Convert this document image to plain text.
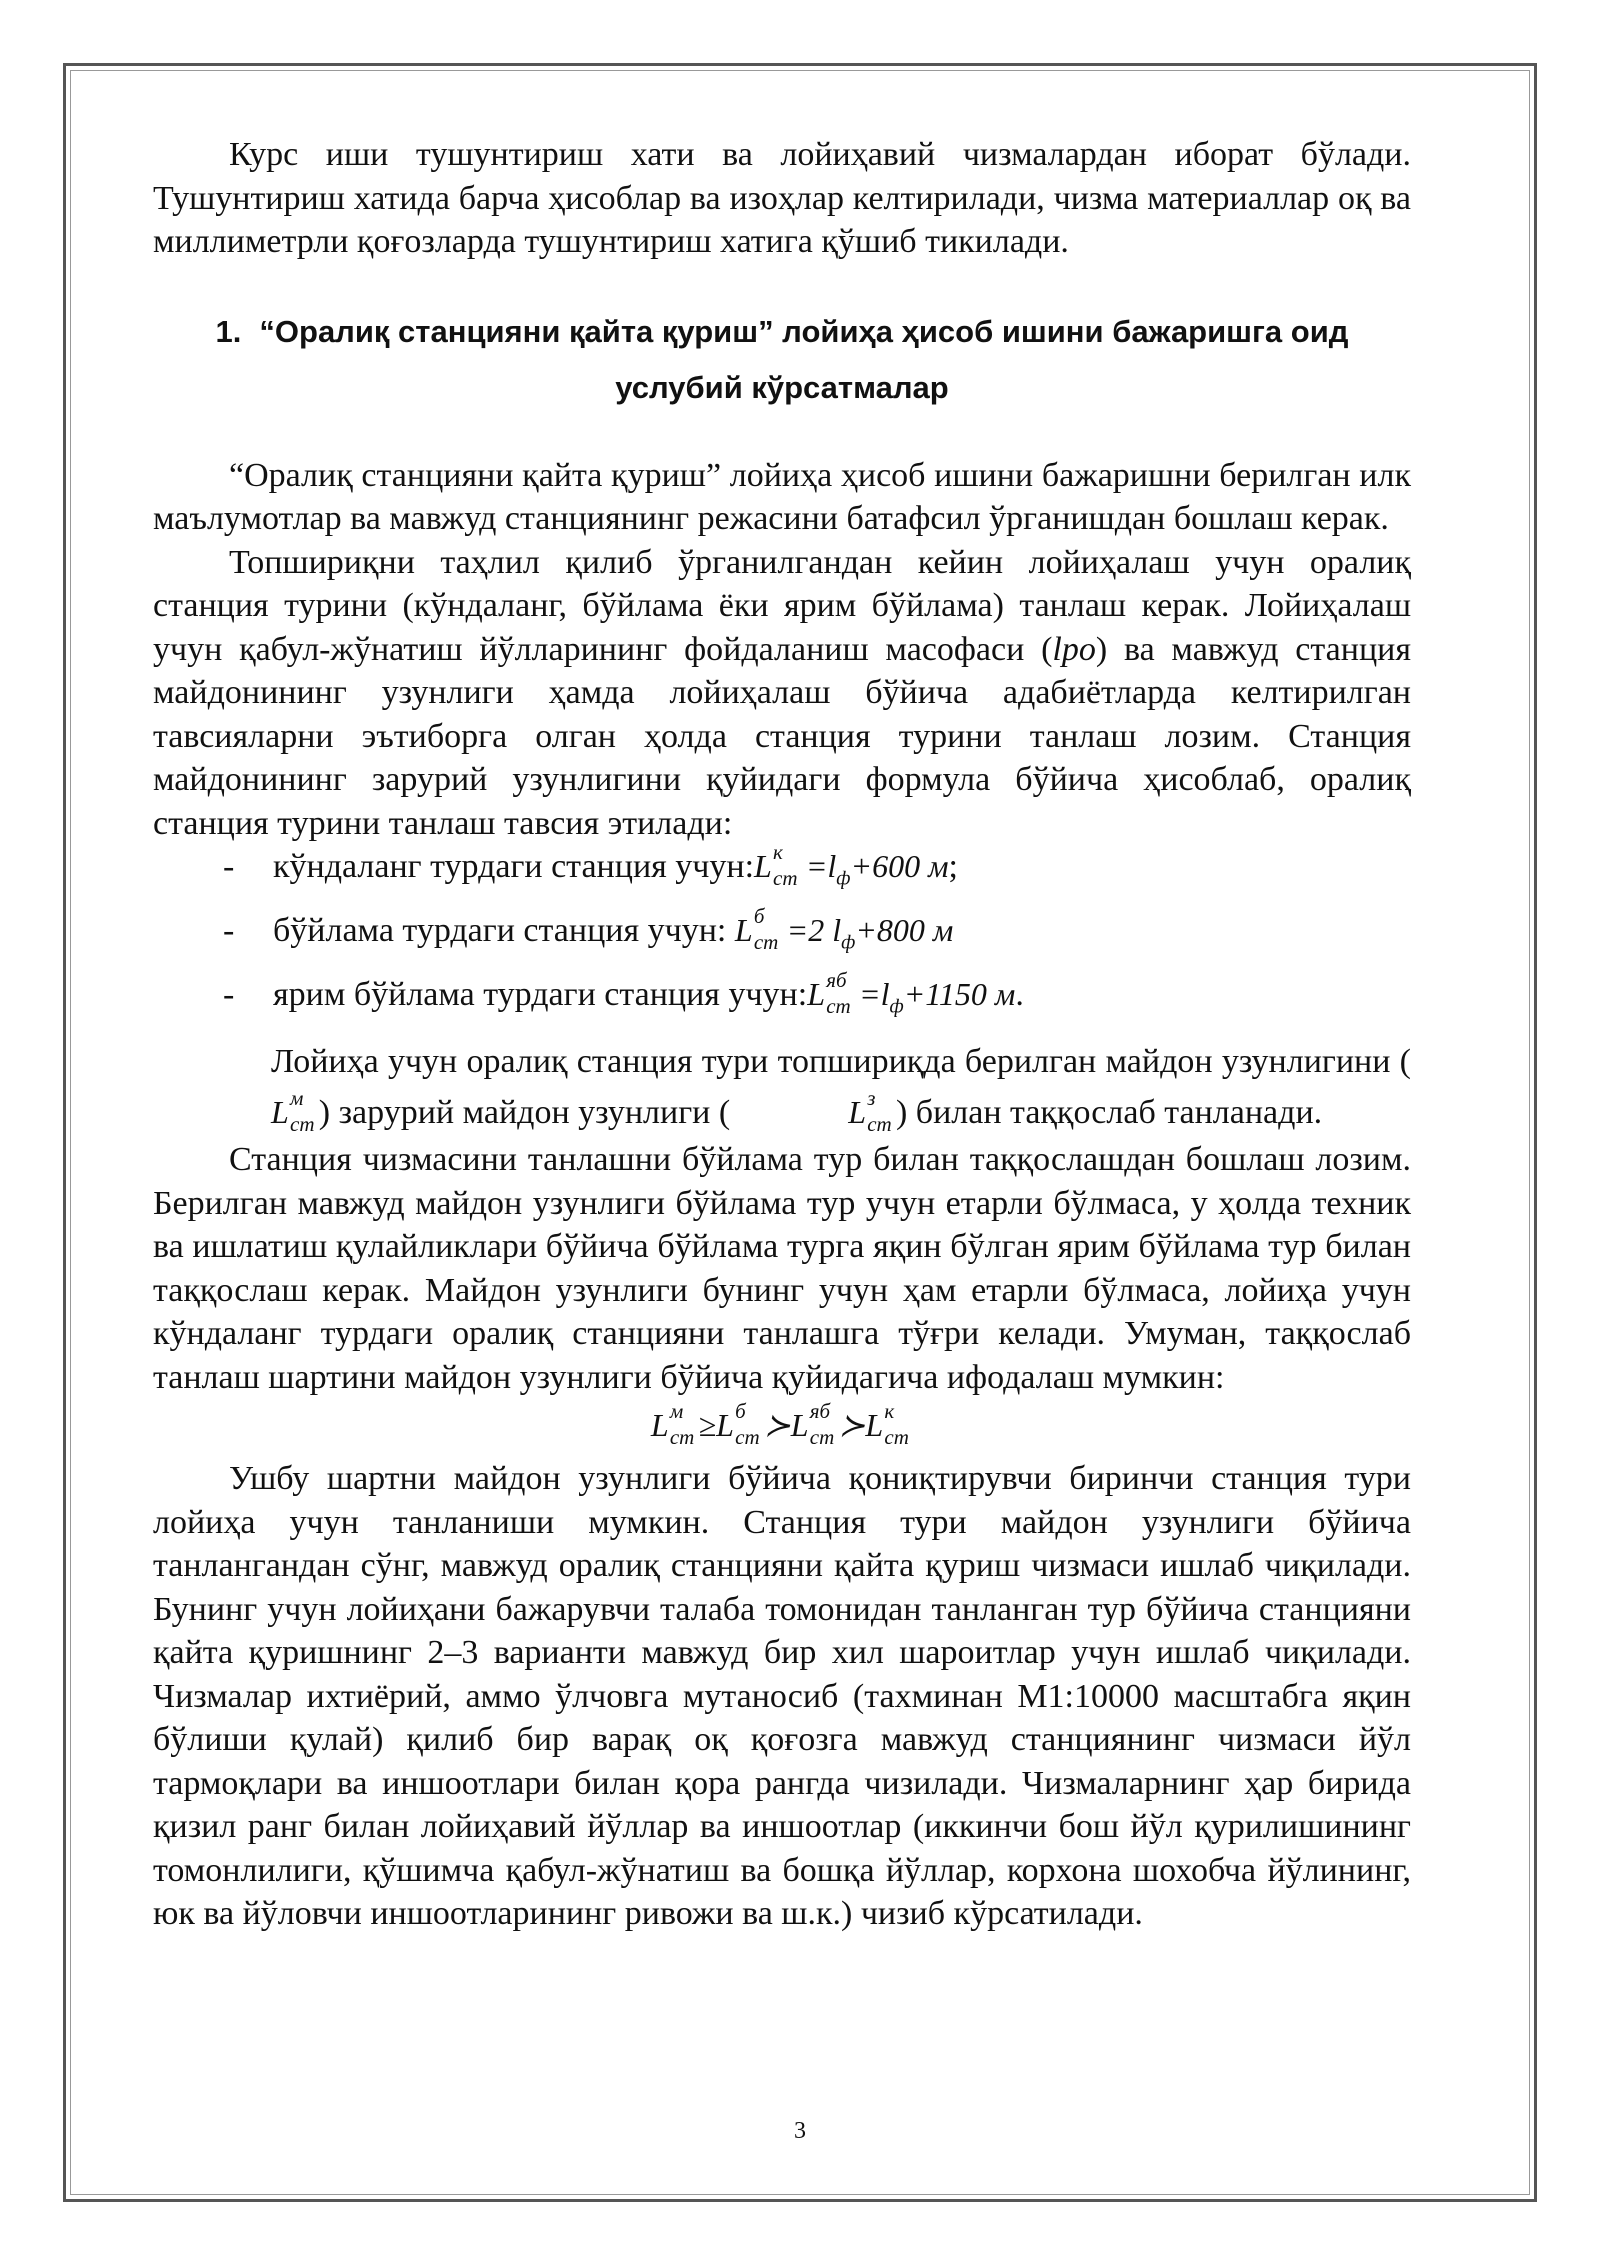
Курс иши тушунтириш хати ва лойиҳавий чизмалардан иборат бўлади. Тушунтириш хатида барча ҳисоблар ва изоҳлар келтирилади, чизма материаллар оқ ва миллиметрли қоғозларда тушунтириш хатига қўшиб тикилади.

1. “Оралиқ станцияни қайта қуриш” лойиҳа ҳисоб ишини бажаришга оид
услубий кўрсатмалар

“Оралиқ станцияни қайта қуриш” лойиҳа ҳисоб ишини бажаришни берилган илк маълумотлар ва мавжуд станциянинг режасини батафсил ўрганишдан бошлаш керак.

Топшириқни таҳлил қилиб ўрганилгандан кейин лойиҳалаш учун оралиқ станция турини (кўндаланг, бўйлама ёки ярим бўйлама) танлаш керак. Лойиҳалаш учун қабул-жўнатиш йўлларининг фойдаланиш масофаси (lpo) ва мавжуд станция майдонининг узунлиги ҳамда лойиҳалаш бўйича адабиётларда келтирилган тавсияларни эътиборга олган ҳолда станция турини танлаш лозим. Станция майдонининг зарурий узунлигини қуйидаги формула бўйича ҳисоблаб, оралиқ станция турини танлаш тавсия этилади:

- кўндаланг турдаги станция учун:L к
ст $=l_ф+600$ м;
- бўйлама турдаги станция учун: L б
ст =2 $l_ф+800$ м
- ярим бўйлама турдаги станция учун:L яб
ст $=l_ф+1150$ м.

Лойиҳа учун оралиқ станция тури топшириқда берилган майдон узунлигини (L м
ст ) зарурий майдон узунлиги (	L з
ст ) билан таққослаб танланади.

Станция чизмасини танлашни бўйлама тур билан таққослашдан бошлаш лозим. Берилган мавжуд майдон узунлиги бўйлама тур учун етарли бўлмаса, у ҳолда техник ва ишлатиш қулайликлари бўйича бўйлама турга яқин бўлган ярим бўйлама тур билан таққослаш керак. Майдон узунлиги бунинг учун ҳам етарли бўлмаса, лойиҳа учун кўндаланг турдаги оралиқ станцияни танлашга тўғри келади. Умуман, таққослаб танлаш шартини майдон узунлиги бўйича қуйидагича ифодалаш мумкин:

L м
ст ≥L б
ст ≻L яб
ст ≻L к
ст

Ушбу шартни майдон узунлиги бўйича қониқтирувчи биринчи станция тури лойиҳа учун танланиши мумкин. Станция тури майдон узунлиги бўйича танлангандан сўнг, мавжуд оралиқ станцияни қайта қуриш чизмаси ишлаб чиқилади. Бунинг учун лойиҳани бажарувчи талаба томонидан танланган тур бўйича станцияни қайта қуришнинг 2–3 варианти мавжуд бир хил шароитлар учун ишлаб чиқилади. Чизмалар ихтиёрий, аммо ўлчовга мутаносиб (тахминан М1:10000 масштабга яқин бўлиши қулай) қилиб бир варақ оқ қоғозга мавжуд станциянинг чизмаси йўл тармоқлари ва иншоотлари билан қора рангда чизилади. Чизмаларнинг ҳар бирида қизил ранг билан лойиҳавий йўллар ва иншоотлар (иккинчи бош йўл қурилишининг томонлилиги, қўшимча қабул-жўнатиш ва бошқа йўллар, корхона шохобча йўлининг, юк ва йўловчи иншоотларининг ривожи ва ш.к.) чизиб кўрсатилади.

3
